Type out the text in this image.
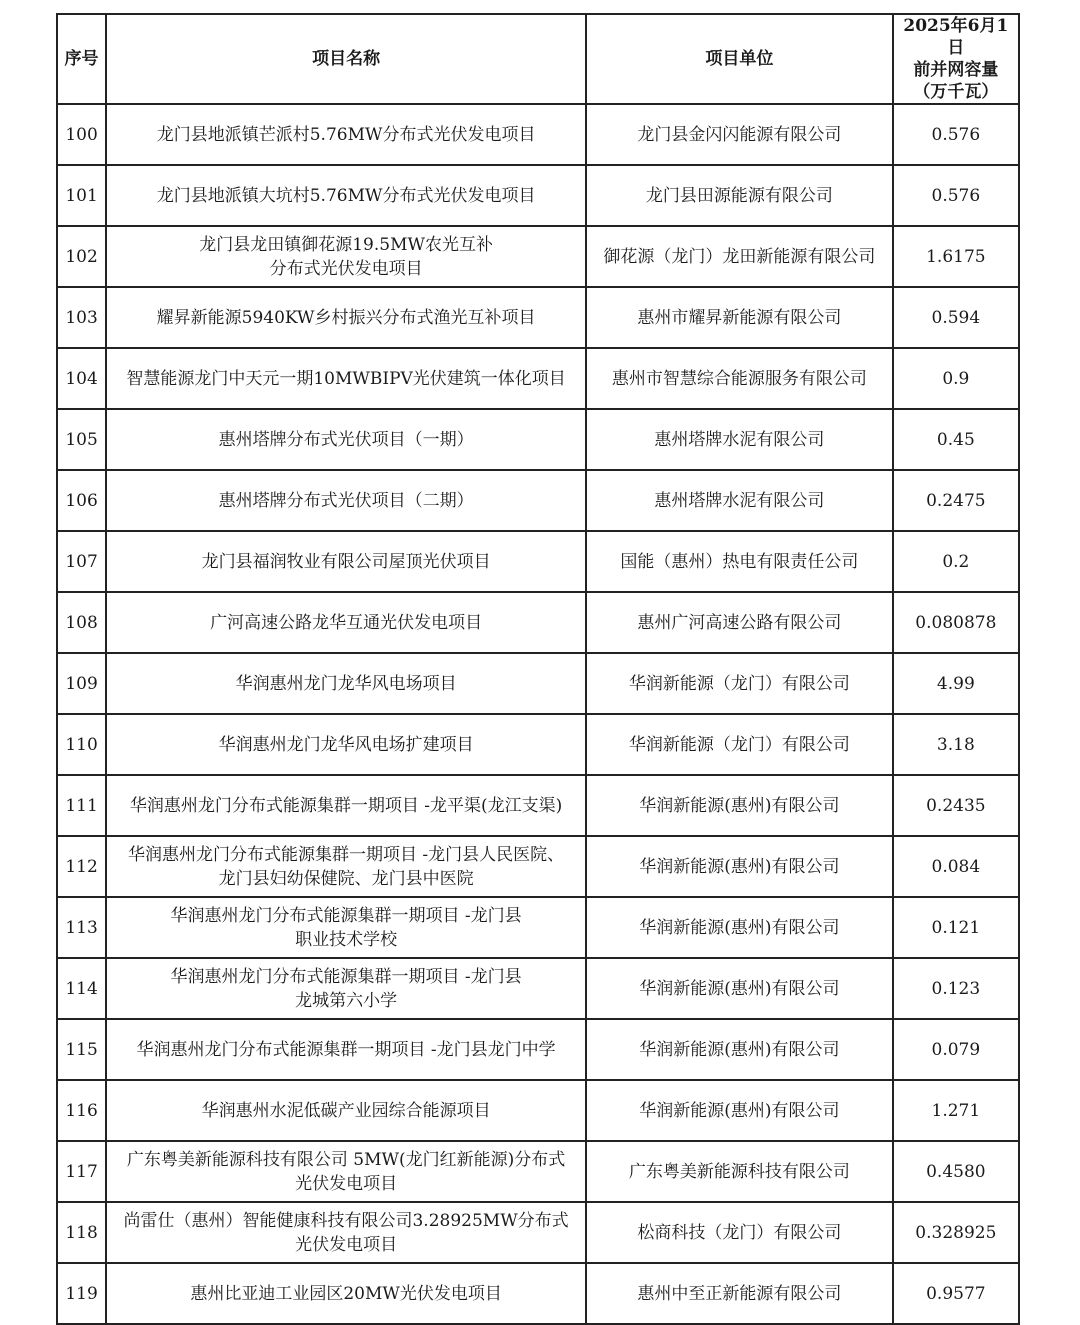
序号	项目名称	项目单位	2025年6月1日
前并网容量
（万千瓦）

100	龙门县地派镇芒派村5.76MW分布式光伏发电项目	龙门县金闪闪能源有限公司	0.576
101	龙门县地派镇大坑村5.76MW分布式光伏发电项目	龙门县田源能源有限公司	0.576
102	龙门县龙田镇御花源19.5MW农光互补
分布式光伏发电项目	御花源（龙门）龙田新能源有限公司	1.6175
103	耀昇新能源5940KW乡村振兴分布式渔光互补项目	惠州市耀昇新能源有限公司	0.594
104	智慧能源龙门中天元一期10MWBIPV光伏建筑一体化项目	惠州市智慧综合能源服务有限公司	0.9
105	惠州塔牌分布式光伏项目（一期）	惠州塔牌水泥有限公司	0.45
106	惠州塔牌分布式光伏项目（二期）	惠州塔牌水泥有限公司	0.2475
107	龙门县福润牧业有限公司屋顶光伏项目	国能（惠州）热电有限责任公司	0.2
108	广河高速公路龙华互通光伏发电项目	惠州广河高速公路有限公司	0.080878
109	华润惠州龙门龙华风电场项目	华润新能源（龙门）有限公司	4.99
110	华润惠州龙门龙华风电场扩建项目	华润新能源（龙门）有限公司	3.18
111	华润惠州龙门分布式能源集群一期项目 -龙平渠(龙江支渠)	华润新能源(惠州)有限公司	0.2435
112	华润惠州龙门分布式能源集群一期项目 -龙门县人民医院、
龙门县妇幼保健院、龙门县中医院	华润新能源(惠州)有限公司	0.084
113	华润惠州龙门分布式能源集群一期项目 -龙门县
职业技术学校	华润新能源(惠州)有限公司	0.121
114	华润惠州龙门分布式能源集群一期项目 -龙门县
龙城第六小学	华润新能源(惠州)有限公司	0.123
115	华润惠州龙门分布式能源集群一期项目 -龙门县龙门中学	华润新能源(惠州)有限公司	0.079
116	华润惠州水泥低碳产业园综合能源项目	华润新能源(惠州)有限公司	1.271
117	广东粤美新能源科技有限公司 5MW(龙门红新能源)分布式
光伏发电项目	广东粤美新能源科技有限公司	0.4580
118	尚雷仕（惠州）智能健康科技有限公司3.28925MW分布式
光伏发电项目	松商科技（龙门）有限公司	0.328925
119	惠州比亚迪工业园区20MW光伏发电项目	惠州中至正新能源有限公司	0.9577
